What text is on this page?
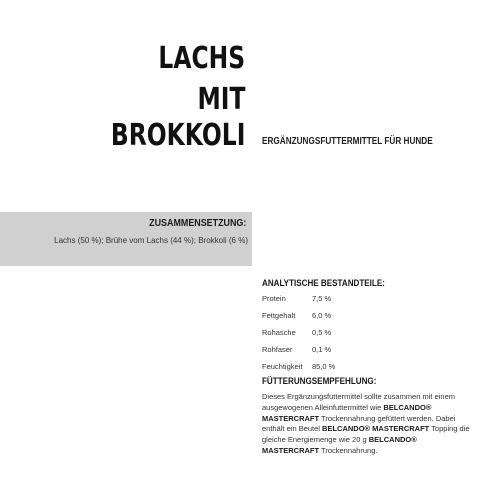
LACHS
MIT
BROKKOLI ERGÄNZUNGSFUTTERMITTEL FÜR HUNDE
ZUSAMMENSETZUNG:
Lachs (50 %); Brühe vom Lachs (44 %); Brokkoli (6 %)
ANALYTISCHE BESTANDTEILE:
Protein	7,5 %
Fettgehalt 6,0 %
Rohasche 0,5 %
Rohfaser	0,1 %
Feuchtigkeit 85,0 %
FÜTTERUNGSEMPFEHLUNG:
Dieses Ergänzungsfuttermittel sollte zusammen mit einem ausgewogenen Alleinfuttermittel wie BELCANDO® MASTERCRAFT Trockennahrung gefüttert werden. Dabei enthält ein Beutel BELCANDO® MASTERCRAFT Topping die gleiche Energiemenge wie 20 g BELCANDO® MASTERCRAFT Trockennahrung.
